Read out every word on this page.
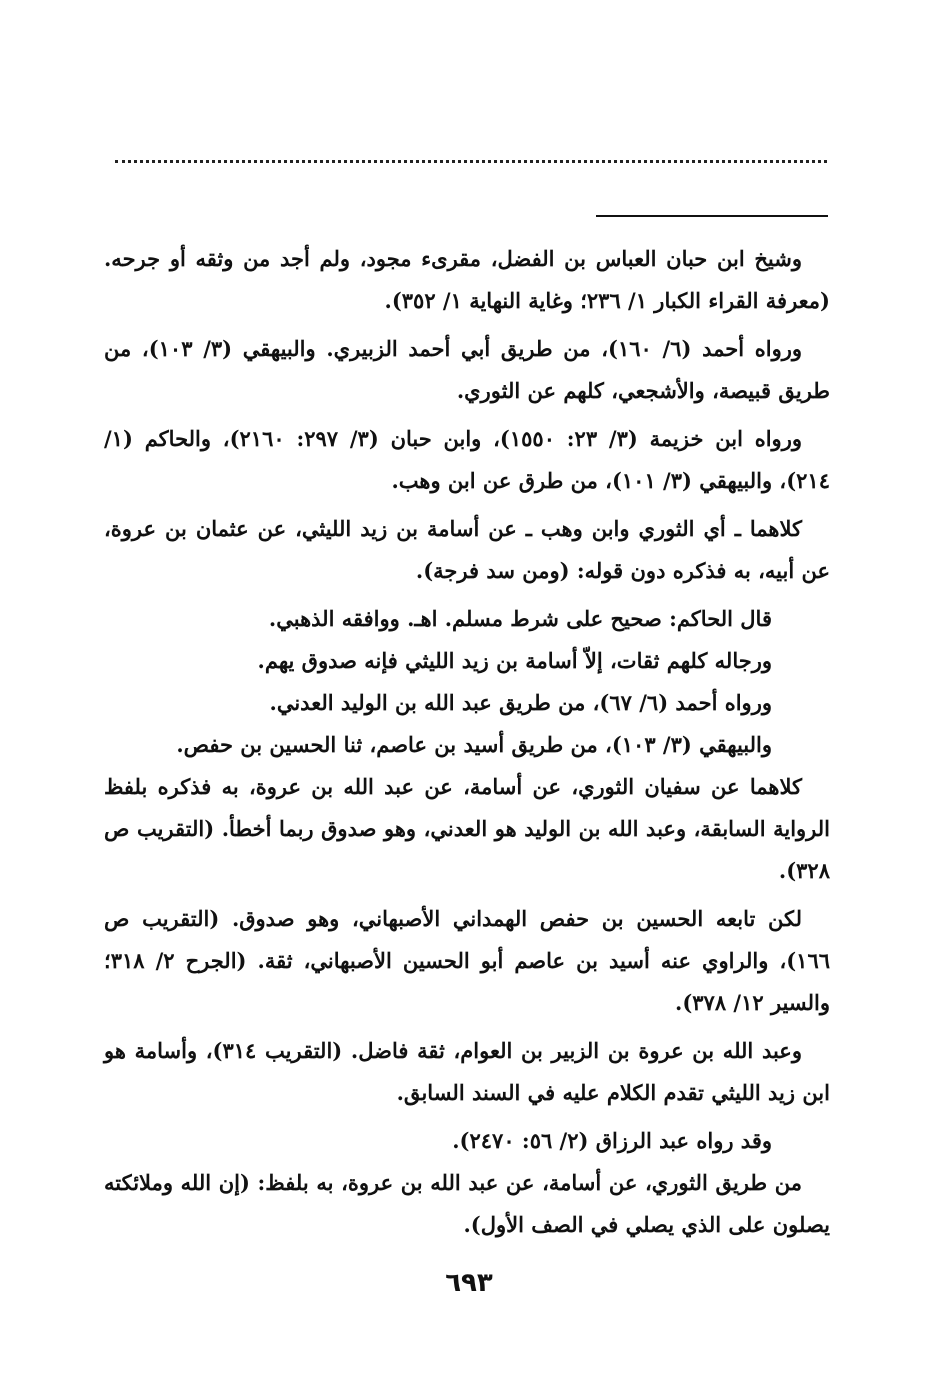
وشيخ ابن حبان العباس بن الفضل، مقرىء مجود، ولم أجد من وثقه أو جرحه. (معرفة القراء الكبار ١/ ٢٣٦؛ وغاية النهاية ١/ ٣٥٢).

ورواه أحمد (٦/ ١٦٠)، من طريق أبي أحمد الزبيري. والبيهقي (٣/ ١٠٣)، من طريق قبيصة، والأشجعي، كلهم عن الثوري.

ورواه ابن خزيمة (٣/ ٢٣: ١٥٥٠)، وابن حبان (٣/ ٢٩٧: ٢١٦٠)، والحاكم (١/ ٢١٤)، والبيهقي (٣/ ١٠١)، من طرق عن ابن وهب.

كلاهما ـ أي الثوري وابن وهب ـ عن أسامة بن زيد الليثي، عن عثمان بن عروة، عن أبيه، به فذكره دون قوله: (ومن سد فرجة).

قال الحاكم: صحيح على شرط مسلم. اهـ. ووافقه الذهبي.

ورجاله كلهم ثقات، إلاّ أسامة بن زيد الليثي فإنه صدوق يهم.

ورواه أحمد (٦/ ٦٧)، من طريق عبد الله بن الوليد العدني.

والبيهقي (٣/ ١٠٣)، من طريق أسيد بن عاصم، ثنا الحسين بن حفص.

كلاهما عن سفيان الثوري، عن أسامة، عن عبد الله بن عروة، به فذكره بلفظ الرواية السابقة، وعبد الله بن الوليد هو العدني، وهو صدوق ربما أخطأ. (التقريب ص ٣٢٨).

لكن تابعه الحسين بن حفص الهمداني الأصبهاني، وهو صدوق. (التقريب ص ١٦٦)، والراوي عنه أسيد بن عاصم أبو الحسين الأصبهاني، ثقة. (الجرح ٢/ ٣١٨؛ والسير ١٢/ ٣٧٨).

وعبد الله بن عروة بن الزبير بن العوام، ثقة فاضل. (التقريب ٣١٤)، وأسامة هو ابن زيد الليثي تقدم الكلام عليه في السند السابق.

وقد رواه عبد الرزاق (٢/ ٥٦: ٢٤٧٠).

من طريق الثوري، عن أسامة، عن عبد الله بن عروة، به بلفظ: (إن الله وملائكته يصلون على الذي يصلي في الصف الأول).

٦٩٣
